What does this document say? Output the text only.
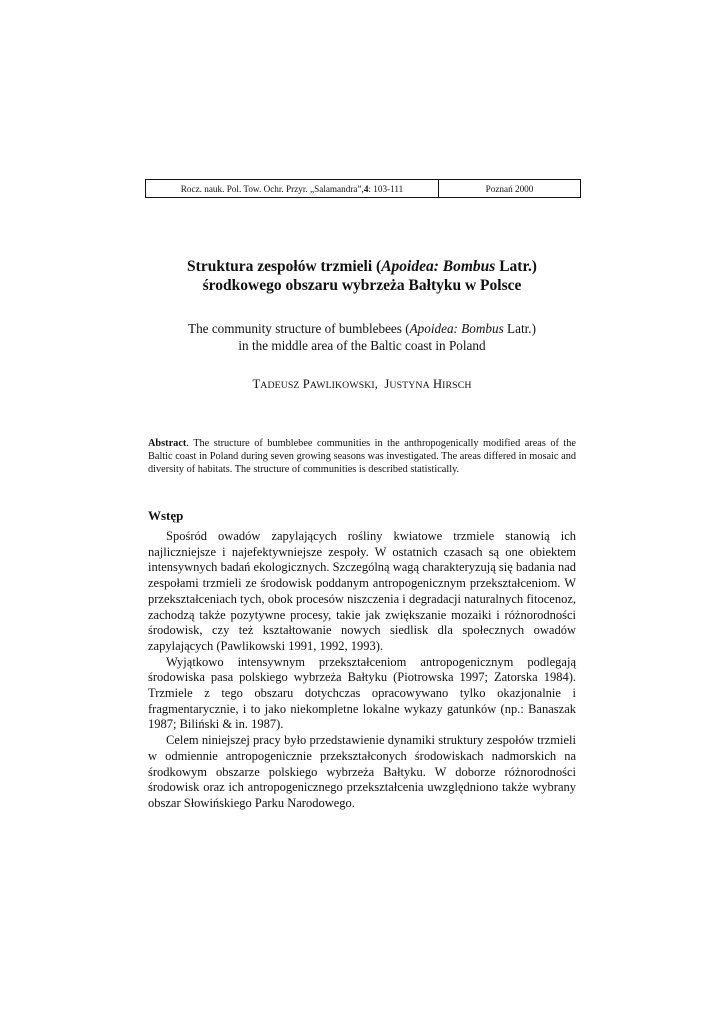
Rocz. nauk. Pol. Tow. Ochr. Przyr. „Salamandra”, 4 : 103-111	Poznań 2000
Struktura zespołów trzmieli (Apoidea: Bombus Latr.)
środkowego obszaru wybrzeża Bałtyku w Polsce
The community structure of bumblebees (Apoidea: Bombus Latr.)
in the middle area of the Baltic coast in Poland
TADEUSZ PAWLIKOWSKI,  JUSTYNA HIRSCH
Abstract. The structure of bumblebee communities in the anthropogenically modified areas of the Baltic coast in Poland during seven growing seasons was investigated. The areas differed in mosaic and diversity of habitats. The structure of communities is described statistically.
Wstęp

Spośród owadów zapylających rośliny kwiatowe trzmiele stanowią ich najliczniejsze i najefektywniejsze zespoły. W ostatnich czasach są one obiektem intensywnych badań ekologicznych. Szczególną wagą charakteryzują się badania nad zespołami trzmieli ze środowisk poddanym antropogenicznym przekształceniom. W przekształceniach tych, obok procesów niszczenia i degradacji naturalnych fitocenoz, zachodzą także pozytywne procesy, takie jak zwiększanie mozaiki i różnorodności środowisk, czy też kształtowanie nowych siedlisk dla społecznych owadów zapylających (Pawlikowski 1991, 1992, 1993).

Wyjątkowo intensywnym przekształceniom antropogenicznym podlegają środowiska pasa polskiego wybrzeża Bałtyku (Piotrowska 1997; Zatorska 1984). Trzmiele z tego obszaru dotychczas opracowywano tylko okazjonalnie i fragmentarycznie, i to jako niekompletne lokalne wykazy gatunków (np.: Banaszak 1987; Biliński & in. 1987).

Celem niniejszej pracy było przedstawienie dynamiki struktury zespołów trzmieli w odmiennie antropogenicznie przekształconych środowiskach nadmorskich na środkowym obszarze polskiego wybrzeża Bałtyku. W doborze różnorodności środowisk oraz ich antropogenicznego przekształcenia uwzględniono także wybrany obszar Słowińskiego Parku Narodowego.
